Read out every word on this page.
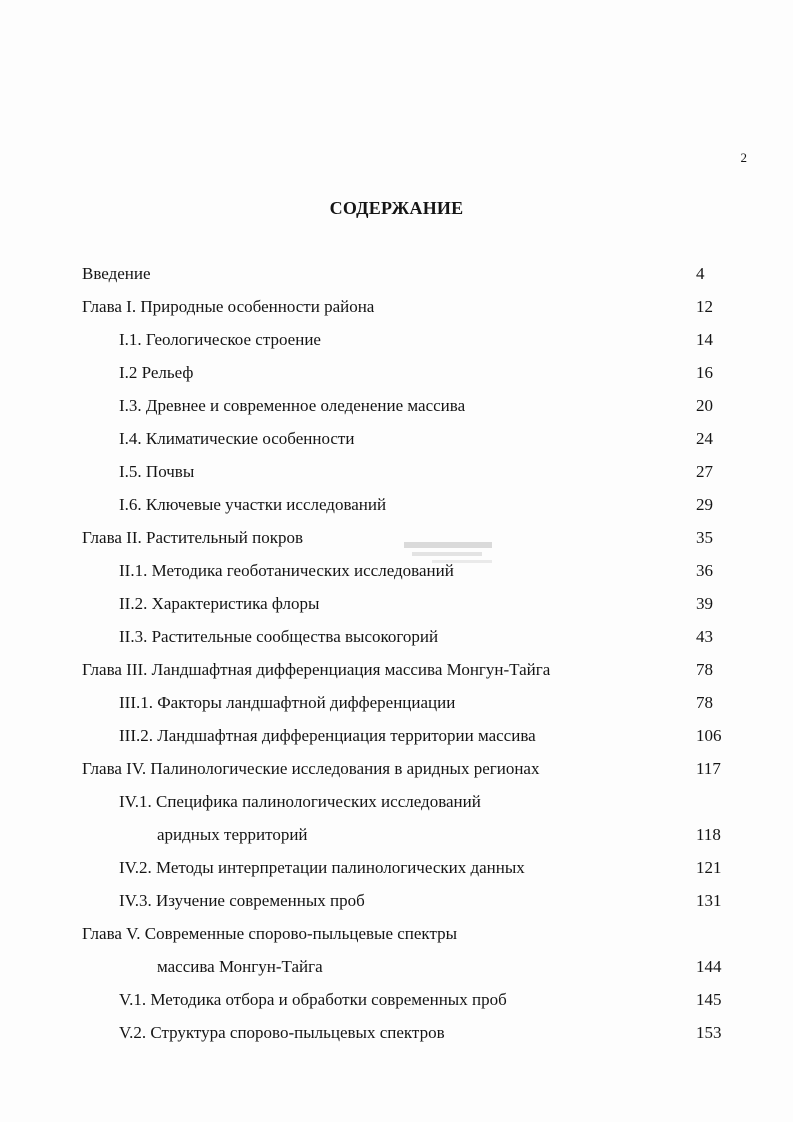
2
СОДЕРЖАНИЕ
Введение	4
Глава I. Природные особенности района	12
I.1. Геологическое строение	14
I.2 Рельеф	16
I.3. Древнее и современное оледенение массива	20
I.4. Климатические особенности	24
I.5. Почвы	27
I.6. Ключевые участки исследований	29
Глава II. Растительный покров	35
II.1. Методика геоботанических исследований	36
II.2. Характеристика флоры	39
II.3. Растительные сообщества высокогорий	43
Глава III. Ландшафтная дифференциация массива Монгун-Тайга	78
III.1. Факторы ландшафтной дифференциации	78
III.2. Ландшафтная дифференциация территории массива	106
Глава IV. Палинологические исследования в аридных регионах	117
IV.1. Специфика палинологических исследований
аридных территорий	118
IV.2. Методы интерпретации палинологических данных	121
IV.3. Изучение современных проб	131
Глава V. Современные спорово-пыльцевые спектры
массива Монгун-Тайга	144
V.1. Методика отбора и обработки современных проб	145
V.2. Структура спорово-пыльцевых спектров	153
